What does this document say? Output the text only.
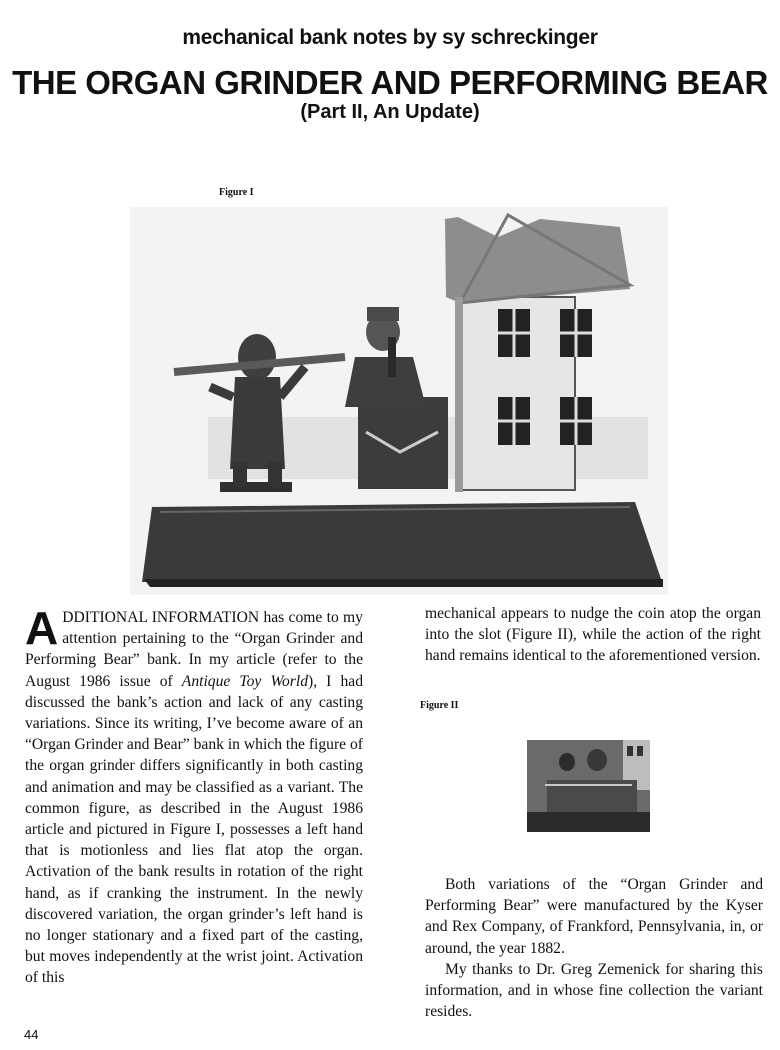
mechanical bank notes by sy schreckinger
THE ORGAN GRINDER AND PERFORMING BEAR
(Part II, An Update)
Figure I

A DDITIONAL INFORMATION has come to my attention pertaining to the “Organ Grinder and Performing Bear” bank. In my article (refer to the August 1986 issue of Antique Toy World), I had discussed the bank’s action and lack of any casting variations. Since its writing, I’ve become aware of an “Organ Grinder and Bear” bank in which the figure of the organ grinder differs significantly in both casting and animation and may be classified as a variant. The common figure, as described in the August 1986 article and pictured in Figure I, possesses a left hand that is motionless and lies flat atop the organ. Activation of the bank results in rotation of the right hand, as if cranking the instrument. In the newly discovered variation, the organ grinder’s left hand is no longer stationary and a fixed part of the casting, but moves independently at the wrist joint. Activation of this

mechanical appears to nudge the coin atop the organ into the slot (Figure II), while the action of the right hand remains identical to the aforementioned version.

Figure II

Both variations of the “Organ Grinder and Performing Bear” were manufactured by the Kyser and Rex Company, of Frankford, Pennsylvania, in, or around, the year 1882.

My thanks to Dr. Greg Zemenick for sharing this information, and in whose fine collection the variant resides.

44
